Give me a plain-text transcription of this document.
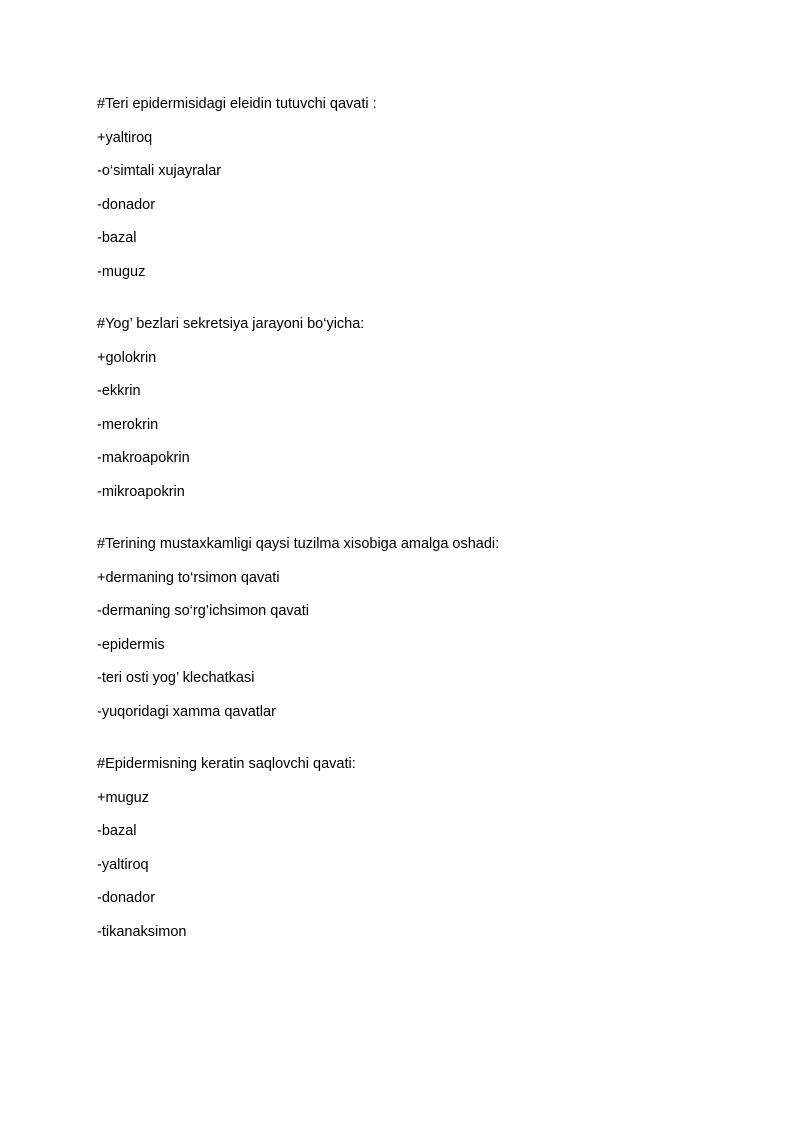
#Teri epidermisidagi eleidin tutuvchi qavati :
+yaltiroq
-o‘simtali xujayralar
-donador
-bazal
-muguz
#Yog’ bezlari sekretsiya jarayoni bo‘yicha:
+golokrin
-ekkrin
-merokrin
-makroapokrin
-mikroapokrin
#Terining mustaxkamligi qaysi tuzilma xisobiga amalga oshadi:
+dermaning to‘rsimon qavati
-dermaning so‘rg’ichsimon qavati
-epidermis
-teri osti yog’ klechatkasi
-yuqoridagi xamma qavatlar
#Epidermisning keratin saqlovchi qavati:
+muguz
-bazal
-yaltiroq
-donador
-tikanaksimon
